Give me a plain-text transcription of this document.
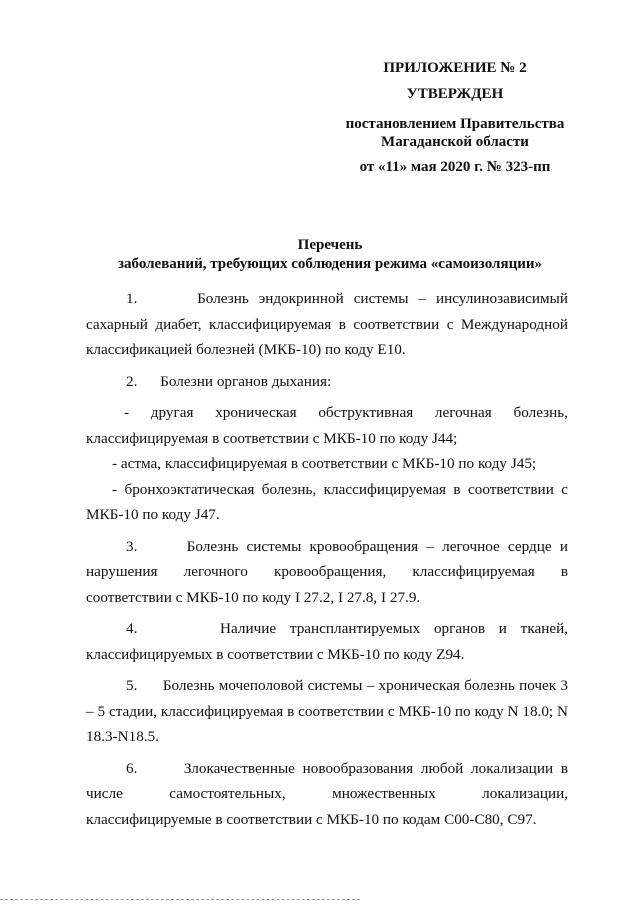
ПРИЛОЖЕНИЕ № 2
УТВЕРЖДЕН
постановлением Правительства
Магаданской области
от «11» мая 2020 г. № 323-пп
Перечень
заболеваний, требующих соблюдения режима «самоизоляции»

1.      Болезнь эндокринной системы – инсулинозависимый сахарный диабет, классифицируемая в соответствии с Международной классификацией болезней (МКБ-10) по коду Е10.

2.      Болезни органов дыхания:

- другая хроническая обструктивная легочная болезнь, классифицируемая в соответствии с МКБ-10 по коду J44;

- астма, классифицируемая в соответствии с МКБ-10 по коду J45;

- бронхоэктатическая болезнь, классифицируемая в соответствии с МКБ-10 по коду J47.

3.      Болезнь системы кровообращения – легочное сердце и нарушения легочного кровообращения, классифицируемая в соответствии с МКБ-10 по коду I 27.2, I 27.8, I 27.9.

4.      Наличие трансплантируемых органов и тканей, классифицируемых в соответствии с МКБ-10 по коду Z94.

5.      Болезнь мочеполовой системы – хроническая болезнь почек 3 – 5 стадии, классифицируемая в соответствии с МКБ-10 по коду N 18.0; N 18.3-N18.5.

6.      Злокачественные новообразования любой локализации в числе самостоятельных, множественных локализации, классифицируемые в соответствии с МКБ-10 по кодам С00-С80, С97.
